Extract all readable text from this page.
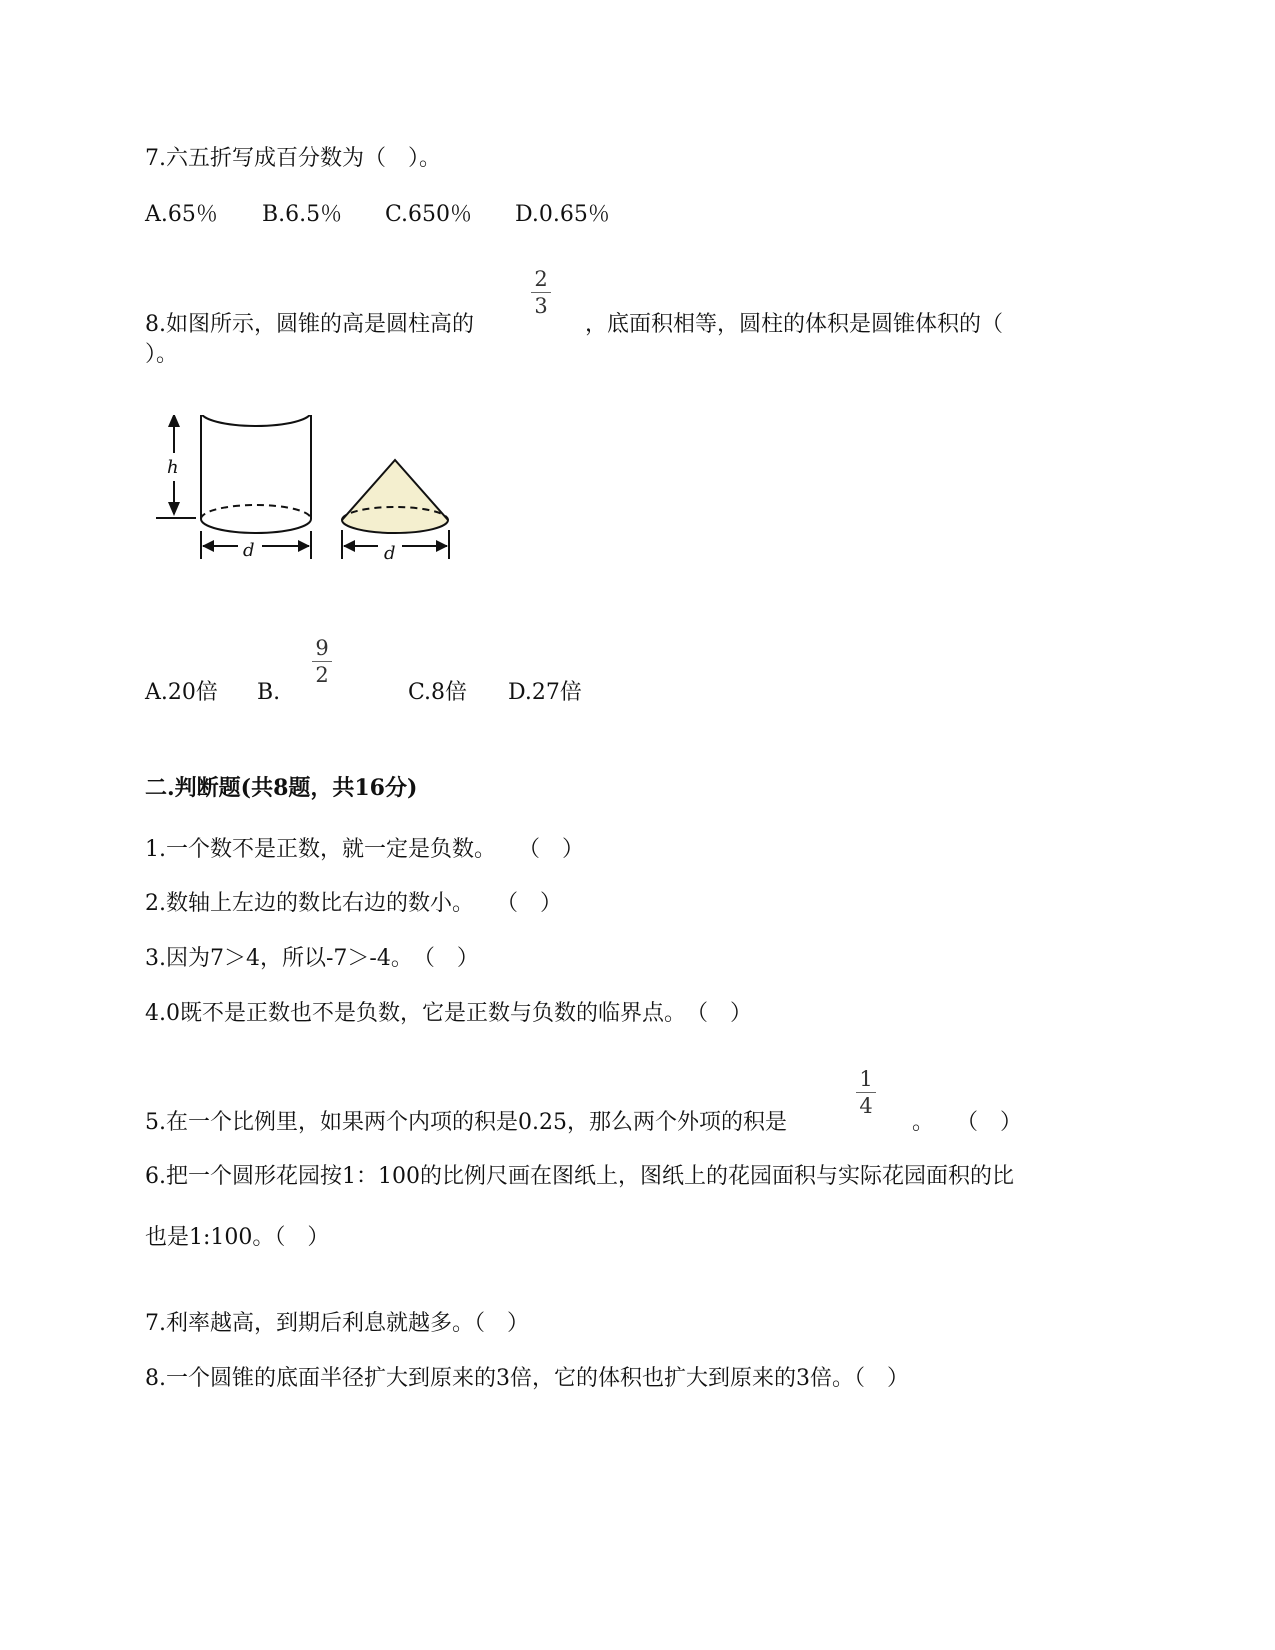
7.六五折写成百分数为（　）。
A.65％ B.6.5％ C.650％ D.0.65％
8.如图所示，圆锥的高是圆柱高的
2
3
，底面积相等，圆柱的体积是圆锥体积的（
）。
h
d	d
A.20倍 B.
9
2
C.8倍 D.27倍
二.判断题(共8题，共16分)
1.一个数不是正数，就一定是负数。　　（　）
2.数轴上左边的数比右边的数小。　　（　）
3.因为7＞4，所以-7＞-4。　（　）
4.0既不是正数也不是负数，它是正数与负数的临界点。　（　）
5.在一个比例里，如果两个内项的积是0.25，那么两个外项的积是
1
4
。　　（　）
6.把一个圆形花园按1：100的比例尺画在图纸上，图纸上的花园面积与实际花园面积的比
也是1:100。（　）
7.利率越高，到期后利息就越多。（　）
8.一个圆锥的底面半径扩大到原来的3倍，它的体积也扩大到原来的3倍。（　）
